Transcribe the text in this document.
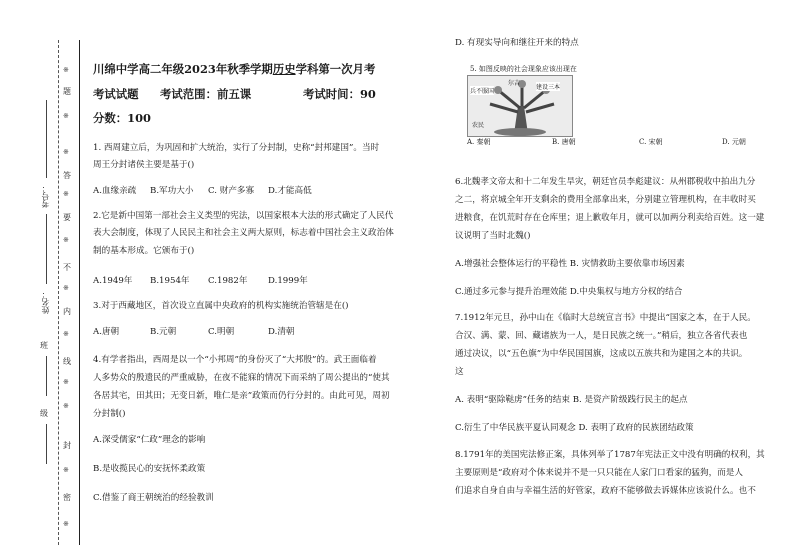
※
题
※
※
答
※
要
※
不
※
内
※
线
※
※
封
※
密
※
考号：
姓名：
班
级
川绵中学高二年级2023年秋季学期历史学科第一次月考
考试试题 考试范围：前五课	考试时间：90
分数：100
1. 西周建立后，为巩固和扩大统治，实行了分封制，史称“封邦建国”。当时
周王分封诸侯主要是基于()
A.血缘亲疏 B.军功大小 C. 财产多寡 D.才能高低
2.它是新中国第一部社会主义类型的宪法，以国家根本大法的形式确定了人民代
表大会制度，体现了人民民主和社会主义两大原则，标志着中国社会主义政治体
制的基本形成。它颁布于()
A.1949年 B.1954年 C.1982年 D.1999年
3.对于西藏地区，首次设立直属中央政府的机构实施统治管辖是在()
A.唐朝	B.元朝	C.明朝	D.清朝
4.有学者指出，西周是以一个“小邦周”的身份灭了“大邦殷”的。武王面临着
人多势众的殷遗民的严重威胁，在夜不能寐的情况下而采纳了周公提出的“使其
各居其宅，田其田；无变日新，唯仁是亲”政策而仍行分封的。由此可见，周初
分封制()
A.深受儒家“仁政”理念的影响
B.是收揽民心的安抚怀柔政策
C.借鉴了商王朝统治的经验教训
D. 有现实导向和继往开来的特点
5. 如图反映的社会现象应该出现在
尔吉
兵不服国
建设三本
农民
A. 秦朝	B. 唐朝	C. 宋朝	D. 元朝
6.北魏孝文帝太和十二年发生旱灾，朝廷官员李彪建议：从州郡税收中拍出九分
之二，将京城全年开支剩余的费用全部拿出来，分别建立管理机构，在丰收时买
进粮食，在饥荒时存在仓库里；退上歉收年月，就可以加两分利卖给百姓。这一建
议说明了当时北魏()
A.增强社会整体运行的平稳性 B. 灾情救助主要依靠市场因素
C.通过多元参与提升治理效能 D.中央集权与地方分权的结合
7.1912年元旦，孙中山在《临时大总统宣言书》中提出“国家之本，在于人民。
合汉、满、蒙、回、藏诸族为一人，是日民族之统一。”稍后，独立各省代表也
通过决议，以“五色旗”为中华民国国旗，这成以五族共和为建国之本的共识。
这
A. 表明“驱除鞑虏”任务的结束 B. 是资产阶级践行民主的起点
C.衍生了中华民族平夏认同观念 D. 表明了政府的民族团结政策
8.1791年的美国宪法修正案，具体列举了1787年宪法正文中没有明确的权利，其
主要原则是“政府对个体来说并不是一只只能在人家门口看家的猛狗，而是人
们追求自身自由与幸福生活的好管家，政府不能够做去诉媒体应该说什么。也不
